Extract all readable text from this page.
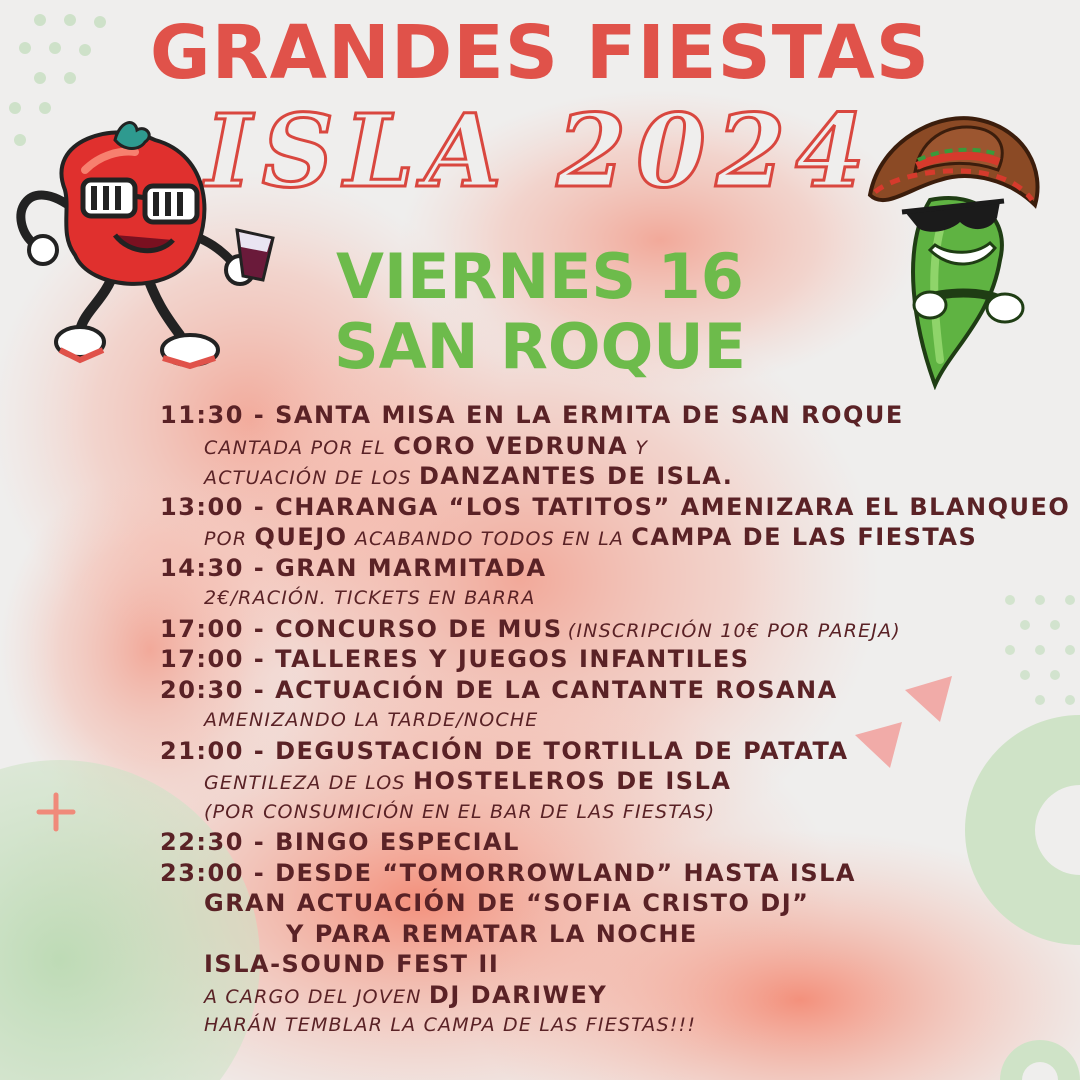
GRANDES FIESTAS
ISLA 2024
VIERNES 16
SAN ROQUE
11:30 - SANTA MISA EN LA ERMITA DE SAN ROQUE
CANTADA POR EL CORO VEDRUNA Y
ACTUACIÓN DE LOS DANZANTES DE ISLA.
13:00 - CHARANGA “LOS TATITOS” AMENIZARA EL BLANQUEO
POR QUEJO ACABANDO TODOS EN LA CAMPA DE LAS FIESTAS
14:30 - GRAN MARMITADA
2€/RACIÓN. TICKETS EN BARRA
17:00 - CONCURSO DE MUS (INSCRIPCIÓN 10€ POR PAREJA)
17:00 - TALLERES Y JUEGOS INFANTILES
20:30 - ACTUACIÓN DE LA CANTANTE ROSANA
AMENIZANDO LA TARDE/NOCHE
21:00 - DEGUSTACIÓN DE TORTILLA DE PATATA
GENTILEZA DE LOS HOSTELEROS DE ISLA
(POR CONSUMICIÓN EN EL BAR DE LAS FIESTAS)
22:30 - BINGO ESPECIAL
23:00 - DESDE “TOMORROWLAND” HASTA ISLA
GRAN ACTUACIÓN DE “SOFIA CRISTO DJ”
Y PARA REMATAR LA NOCHE
ISLA-SOUND FEST II
A CARGO DEL JOVEN DJ DARIWEY
HARÁN TEMBLAR LA CAMPA DE LAS FIESTAS!!!
